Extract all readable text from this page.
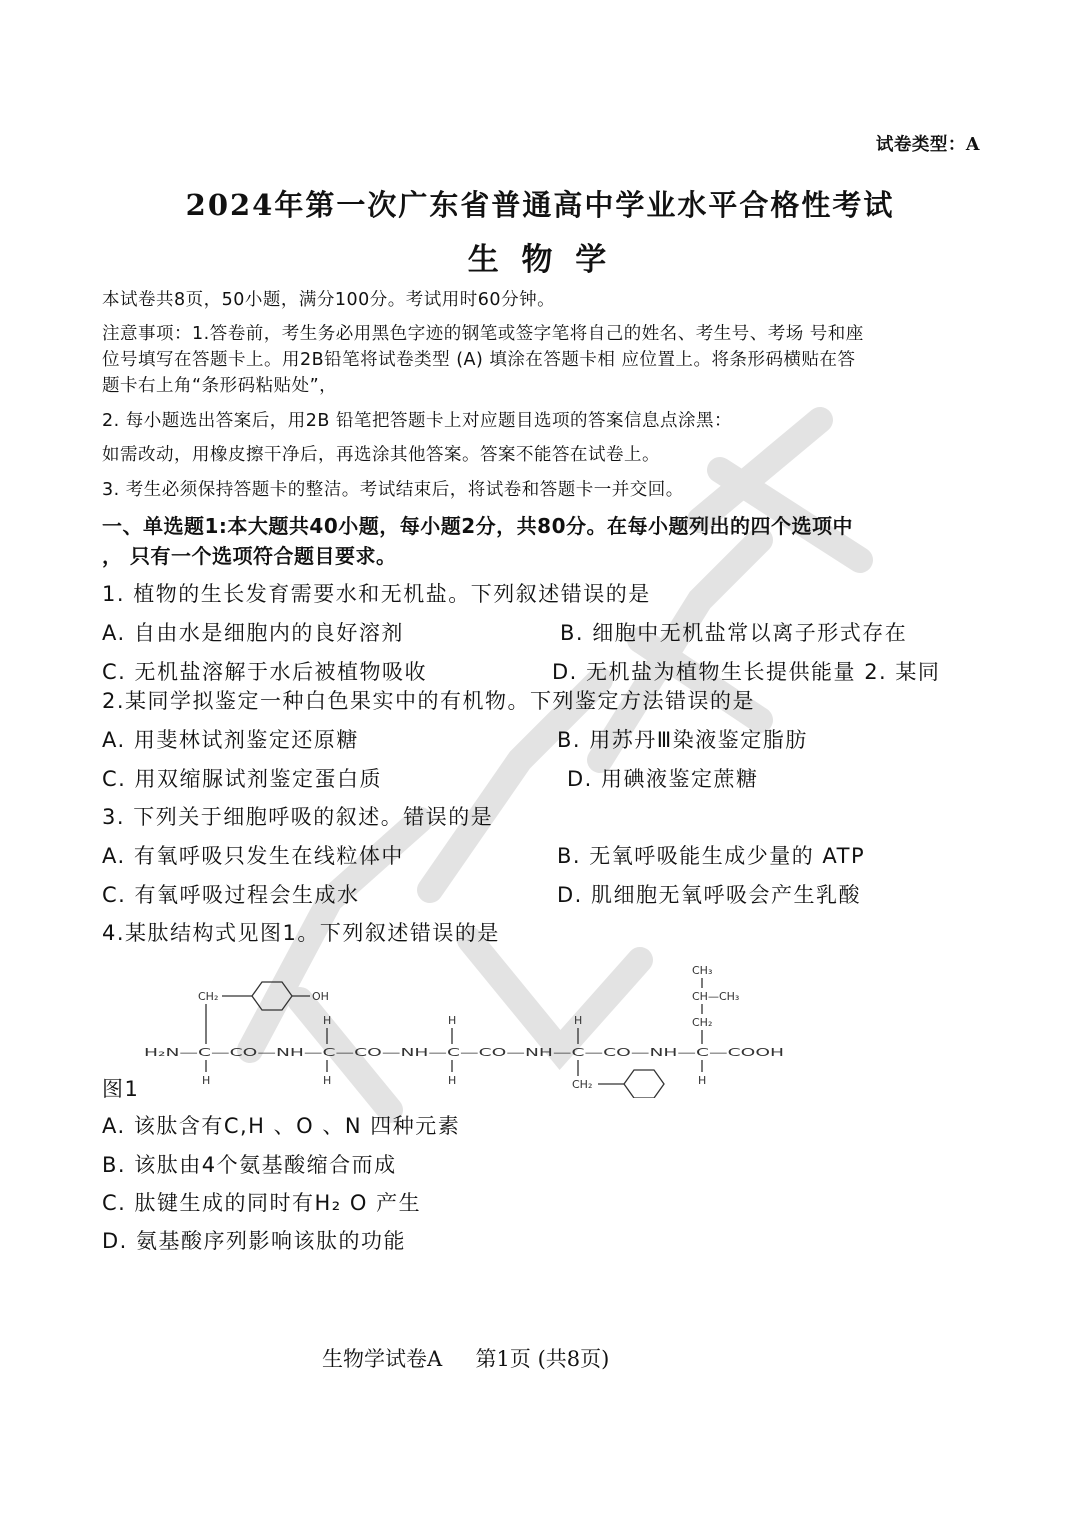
试卷类型：A
2024年第一次广东省普通高中学业水平合格性考试
生 物 学
本试卷共8页，50小题，满分100分。考试用时60分钟。
注意事项：1.答卷前，考生务必用黑色字迹的钢笔或签字笔将自己的姓名、考生号、考场 号和座
位号填写在答题卡上。用2B铅笔将试卷类型 (A) 填涂在答题卡相 应位置上。将条形码横贴在答
题卡右上角“条形码粘贴处”，
2. 每小题选出答案后，用2B 铅笔把答题卡上对应题目选项的答案信息点涂黑：
如需改动，用橡皮擦干净后，再选涂其他答案。答案不能答在试卷上。
3. 考生必须保持答题卡的整洁。考试结束后，将试卷和答题卡一并交回。
一、单选题1:本大题共40小题，每小题2分，共80分。在每小题列出的四个选项中
， 只有一个选项符合题目要求。
1. 植物的生长发育需要水和无机盐。下列叙述错误的是
A. 自由水是细胞内的良好溶剂	B. 细胞中无机盐常以离子形式存在
C. 无机盐溶解于水后被植物吸收	D. 无机盐为植物生长提供能量 2. 某同
2.某同学拟鉴定一种白色果实中的有机物。下列鉴定方法错误的是
A. 用斐林试剂鉴定还原糖	B. 用苏丹Ⅲ染液鉴定脂肪
C. 用双缩脲试剂鉴定蛋白质	D. 用碘液鉴定蔗糖
3. 下列关于细胞呼吸的叙述。错误的是
A. 有氧呼吸只发生在线粒体中	B. 无氧呼吸能生成少量的 ATP
C. 有氧呼吸过程会生成水	D. 肌细胞无氧呼吸会产生乳酸
4.某肽结构式见图1。下列叙述错误的是
CH₂	OH
H	H	H
CH₃
CH—CH₃
CH₂
H₂N—C—CO—NH—C—CO—NH—C—CO—NH—C—CO—NH—C—COOH
H	H	H	CH₂	H
图1
A. 该肽含有C,H 、O 、N 四种元素
B. 该肽由4个氨基酸缩合而成
C. 肽键生成的同时有H₂ O 产生
D. 氨基酸序列影响该肽的功能
生物学试卷A     第1页 (共8页)
